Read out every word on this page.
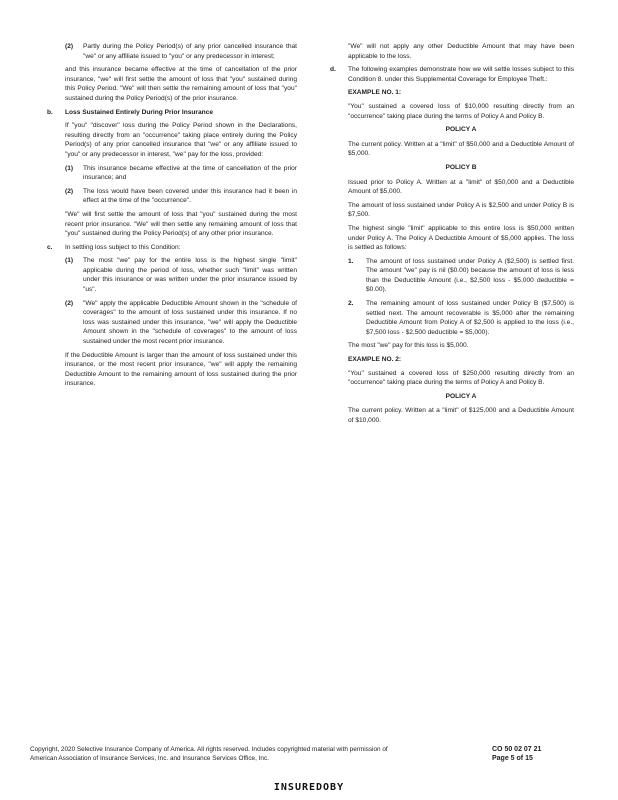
(2) Partly during the Policy Period(s) of any prior cancelled insurance that "we" or any affiliate issued to "you" or any predecessor in interest;

and this insurance became effective at the time of cancellation of the prior insurance, "we" will first settle the amount of loss that "you" sustained during this Policy Period. "We" will then settle the remaining amount of loss that "you" sustained during the Policy Period(s) of the prior insurance.

b. Loss Sustained Entirely During Prior Insurance

If "you" "discover" loss during the Policy Period shown in the Declarations, resulting directly from an "occurrence" taking place entirely during the Policy Period(s) of any prior cancelled insurance that "we" or any affiliate issued to "you" or any predecessor in interest, "we" pay for the loss, provided:

(1) This insurance became effective at the time of cancellation of the prior insurance; and
(2) The loss would have been covered under this insurance had it been in effect at the time of the "occurrence".

"We" will first settle the amount of loss that "you" sustained during the most recent prior insurance. "We" will then settle any remaining amount of loss that "you" sustained during the Policy Period(s) of any other prior insurance.

c. In settling loss subject to this Condition:
(1) The most "we" pay for the entire loss is the highest single "limit" applicable during the period of loss, whether such "limit" was written under this insurance or was written under the prior insurance issued by "us".
(2) "We" apply the applicable Deductible Amount shown in the "schedule of coverages" to the amount of loss sustained under this insurance. If no loss was sustained under this insurance, "we" will apply the Deductible Amount shown in the "schedule of coverages" to the amount of loss sustained under the most recent prior insurance.

If the Deductible Amount is larger than the amount of loss sustained under this insurance, or the most recent prior insurance, "we" will apply the remaining Deductible Amount to the remaining amount of loss sustained during the prior insurance.

"We" will not apply any other Deductible Amount that may have been applicable to the loss.

d. The following examples demonstrate how we will settle losses subject to this Condition 8. under this Supplemental Coverage for Employee Theft.:

EXAMPLE NO. 1:

"You" sustained a covered loss of $10,000 resulting directly from an "occurrence" taking place during the terms of Policy A and Policy B.

POLICY A

The current policy. Written at a "limit" of $50,000 and a Deductible Amount of $5,000.

POLICY B

Issued prior to Policy A. Written at a "limit" of $50,000 and a Deductible Amount of $5,000.

The amount of loss sustained under Policy A is $2,500 and under Policy B is $7,500.

The highest single "limit" applicable to this entire loss is $50,000 written under Policy A. The Policy A Deductible Amount of $5,000 applies. The loss is settled as follows:

1. The amount of loss sustained under Policy A ($2,500) is settled first. The amount "we" pay is nil ($0.00) because the amount of loss is less than the Deductible Amount (i.e., $2,500 loss - $5,000 deductible = $0.00).
2. The remaining amount of loss sustained under Policy B ($7,500) is settled next. The amount recoverable is $5,000 after the remaining Deductible Amount from Policy A of $2,500 is applied to the loss (i.e., $7,500 loss - $2,500 deductible = $5,000).

The most "we" pay for this loss is $5,000.

EXAMPLE NO. 2:

"You" sustained a covered loss of $250,000 resulting directly from an "occurrence" taking place during the terms of Policy A and Policy B.

POLICY A

The current policy. Written at a "limit" of $125,000 and a Deductible Amount of $10,000.

Copyright, 2020 Selective Insurance Company of America. All rights reserved. Includes copyrighted material with permission of American Association of Insurance Services, Inc. and Insurance Services Office, Inc.
CO 50 02 07 21
Page 5 of 15
INSUREDOBY
